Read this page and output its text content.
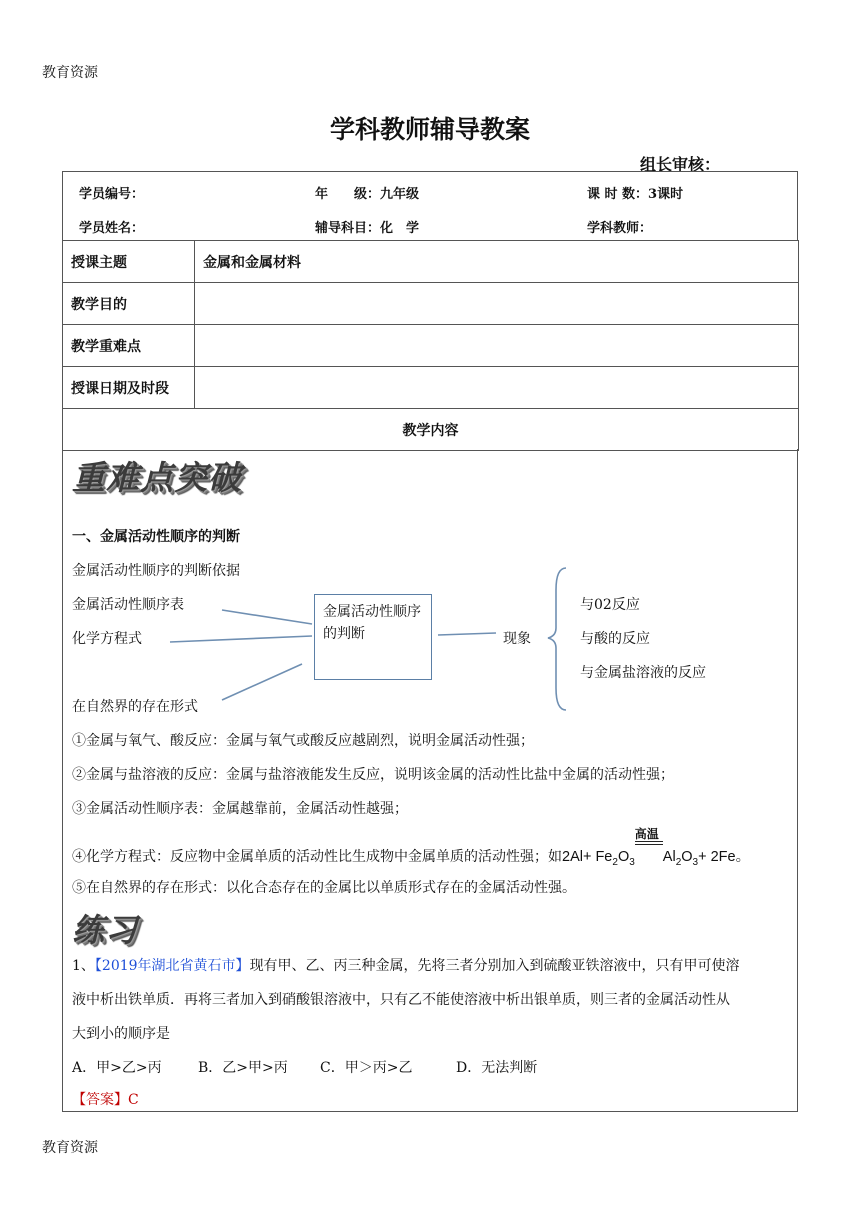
教育资源
学科教师辅导教案
组长审核：
学员编号：	年　　级：九年级	课 时 数：3课时
学员姓名：	辅导科目：化　学	学科教师：
授课主题	金属和金属材料
教学目的	
教学重难点	
授课日期及时段	
教学内容	
重难点突破
一、金属活动性顺序的判断
金属活动性顺序的判断依据
金属活动性顺序表
化学方程式
在自然界的存在形式
金属活动性顺序的判断	现象
与02反应
与酸的反应
与金属盐溶液的反应
①金属与氧气、酸反应：金属与氧气或酸反应越剧烈，说明金属活动性强；
②金属与盐溶液的反应：金属与盐溶液能发生反应，说明该金属的活动性比盐中金属的活动性强；
③金属活动性顺序表：金属越靠前，金属活动性越强；
④化学方程式：反应物中金属单质的活动性比生成物中金属单质的活动性强；如$2Al+ Fe_2O_3$
高温
$Al_2O_3+ 2Fe$。
⑤在自然界的存在形式：以化合态存在的金属比以单质形式存在的金属活动性强。
练习
1、【2019年湖北省黄石市】现有甲、乙、丙三种金属，先将三者分别加入到硫酸亚铁溶液中，只有甲可使溶
液中析出铁单质．再将三者加入到硝酸银溶液中，只有乙不能使溶液中析出银单质，则三者的金属活动性从
大到小的顺序是
A．甲>乙>丙	B．乙>甲>丙 C．甲＞丙>乙	D．无法判断
【答案】C
教育资源
